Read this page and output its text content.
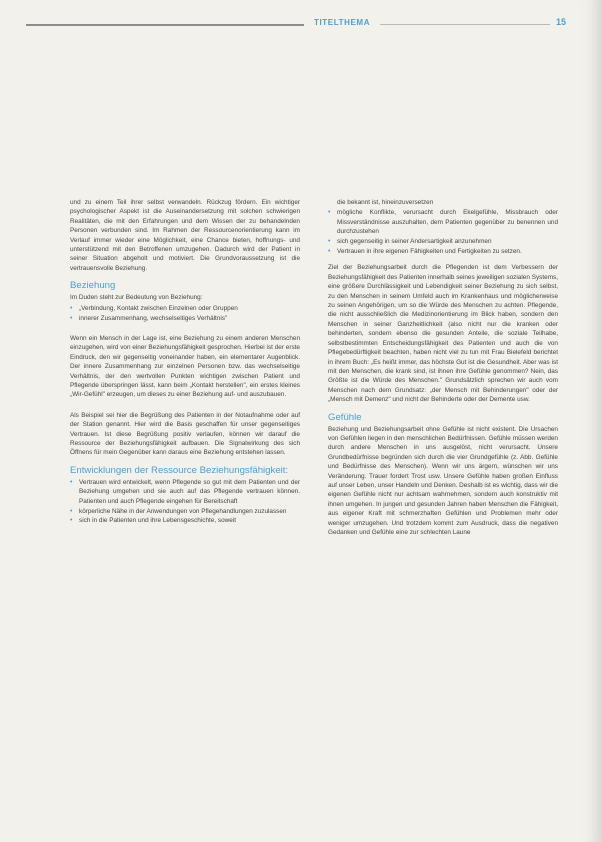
TITELTHEMA	15

und zu einem Teil ihrer selbst verwandeln. Rückzug fördern. Ein wichtiger psychologischer Aspekt ist die Auseinandersetzung mit solchen schwierigen Realitäten, die mit den Erfahrungen und dem Wissen der zu behandelnden Personen verbunden sind. Im Rahmen der Ressourcenorientierung kann im Verlauf immer wieder eine Möglichkeit, eine Chance bieten, hoffnungs- und unterstützend mit den Betroffenen umzugehen. Dadurch wird der Patient in seiner Situation abgeholt und motiviert. Die Grundvoraussetzung ist die vertrauensvolle Beziehung.

Beziehung

Im Duden steht zur Bedeutung von Beziehung:

• „Verbindung, Kontakt zwischen Einzelnen oder Gruppen
• innerer Zusammenhang, wechselseitiges Verhältnis"

Wenn ein Mensch in der Lage ist, eine Beziehung zu einem anderen Menschen einzugehen, wird von einer Beziehungsfähigkeit gesprochen. Hierbei ist der erste Eindruck, den wir gegenseitig voneinander haben, ein elementarer Augenblick. Der innere Zusammenhang zur einzelnen Personen bzw. das wechselseitige Verhältnis, der den wertvollen Punkten wichtigen zwischen Patient und Pflegende überspringen lässt, kann beim „Kontakt herstellen", ein erstes kleines „Wir-Gefühl" erzeugen, um dieses zu einer Beziehung auf- und auszubauen.

Als Beispiel sei hier die Begrüßung des Patienten in der Notaufnahme oder auf der Station genannt. Hier wird die Basis geschaffen für unser gegenseitiges Vertrauen. Ist diese Begrüßung positiv verlaufen, können wir darauf die Ressource der Beziehungsfähigkeit aufbauen. Die Signalwirkung des sich Öffnens für mein Gegenüber kann daraus eine Beziehung entstehen lassen.

Entwicklungen der Ressource Beziehungsfähigkeit:
• Vertrauen wird entwickelt, wenn Pflegende so gut mit dem Patienten und der Beziehung umgehen und sie auch auf das Pflegende vertrauen können. Patienten und auch Pflegende eingehen für Bereitschaft
• körperliche Nähe in der Anwendungen von Pflegehandlungen zuzulassen
• sich in die Patienten und ihre Lebensgeschichte, soweit

die bekannt ist, hineinzuversetzen

• mögliche Konflikte, verursacht durch Ekelgefühle, Missbrauch oder Missverständnisse auszuhalten, dem Patienten gegenüber zu benennen und durchzustehen
• sich gegenseitig in seiner Andersartigkeit anzunehmen
• Vertrauen in ihre eigenen Fähigkeiten und Fertigkeiten zu setzen.

Ziel der Beziehungsarbeit durch die Pflegenden ist dem Verbessern der Beziehungsfähigkeit des Patienten innerhalb seines jeweiligen sozialen Systems, eine größere Durchlässigkeit und Lebendigkeit seiner Beziehung zu sich selbst, zu den Menschen in seinem Umfeld auch im Krankenhaus und möglicherweise zu seinen Angehörigen, um so die Würde des Menschen zu achten. Pflegende, die nicht ausschließlich die Medizinorientierung im Blick haben, sondern den Menschen in seiner Ganzheitlichkeit (also nicht nur die kranken oder behinderten, sondern ebenso die gesunden Anteile, die soziale Teilhabe, selbstbestimmten Entscheidungsfähigkeit des Patienten und auch die von Pflegebedürftigkeit beachten, haben nicht viel zu tun mit Frau Bielefeld berichtet in ihrem Buch: „Es heißt immer, das höchste Gut ist die Gesundheit. Aber was ist mit den Menschen, die krank sind, ist ihnen ihre Gefühle genommen? Nein, das Größte ist die Würde des Menschen." Grundsätzlich sprechen wir auch vom Menschen nach dem Grundsatz: „der Mensch mit Behinderungen" oder der „Mensch mit Demenz" und nicht der Behinderte oder der Demente usw.

Gefühle

Beziehung und Beziehungsarbeit ohne Gefühle ist nicht existent. Die Ursachen von Gefühlen liegen in den menschlichen Bedürfnissen. Gefühle müssen werden durch andere Menschen in uns ausgelöst, nicht verursacht. Unsere Grundbedürfnisse begründen sich durch die vier Grundgefühle (z. Abb. Gefühle und Bedürfnisse des Menschen). Wenn wir uns ärgern, wünschen wir uns Veränderung. Trauer fordert Trost usw. Unsere Gefühle haben großen Einfluss auf unser Leben, unser Handeln und Denken. Deshalb ist es wichtig, dass wir die eigenen Gefühle nicht nur achtsam wahrnehmen, sondern auch konstruktiv mit ihnen umgehen. In jungen und gesunden Jahren haben Menschen die Fähigkeit, aus eigener Kraft mit schmerzhaften Gefühlen und Problemen mehr oder weniger umzugehen. Und trotzdem kommt zum Ausdruck, dass die negativen Gedanken und Gefühle eine zur schlechten Laune
